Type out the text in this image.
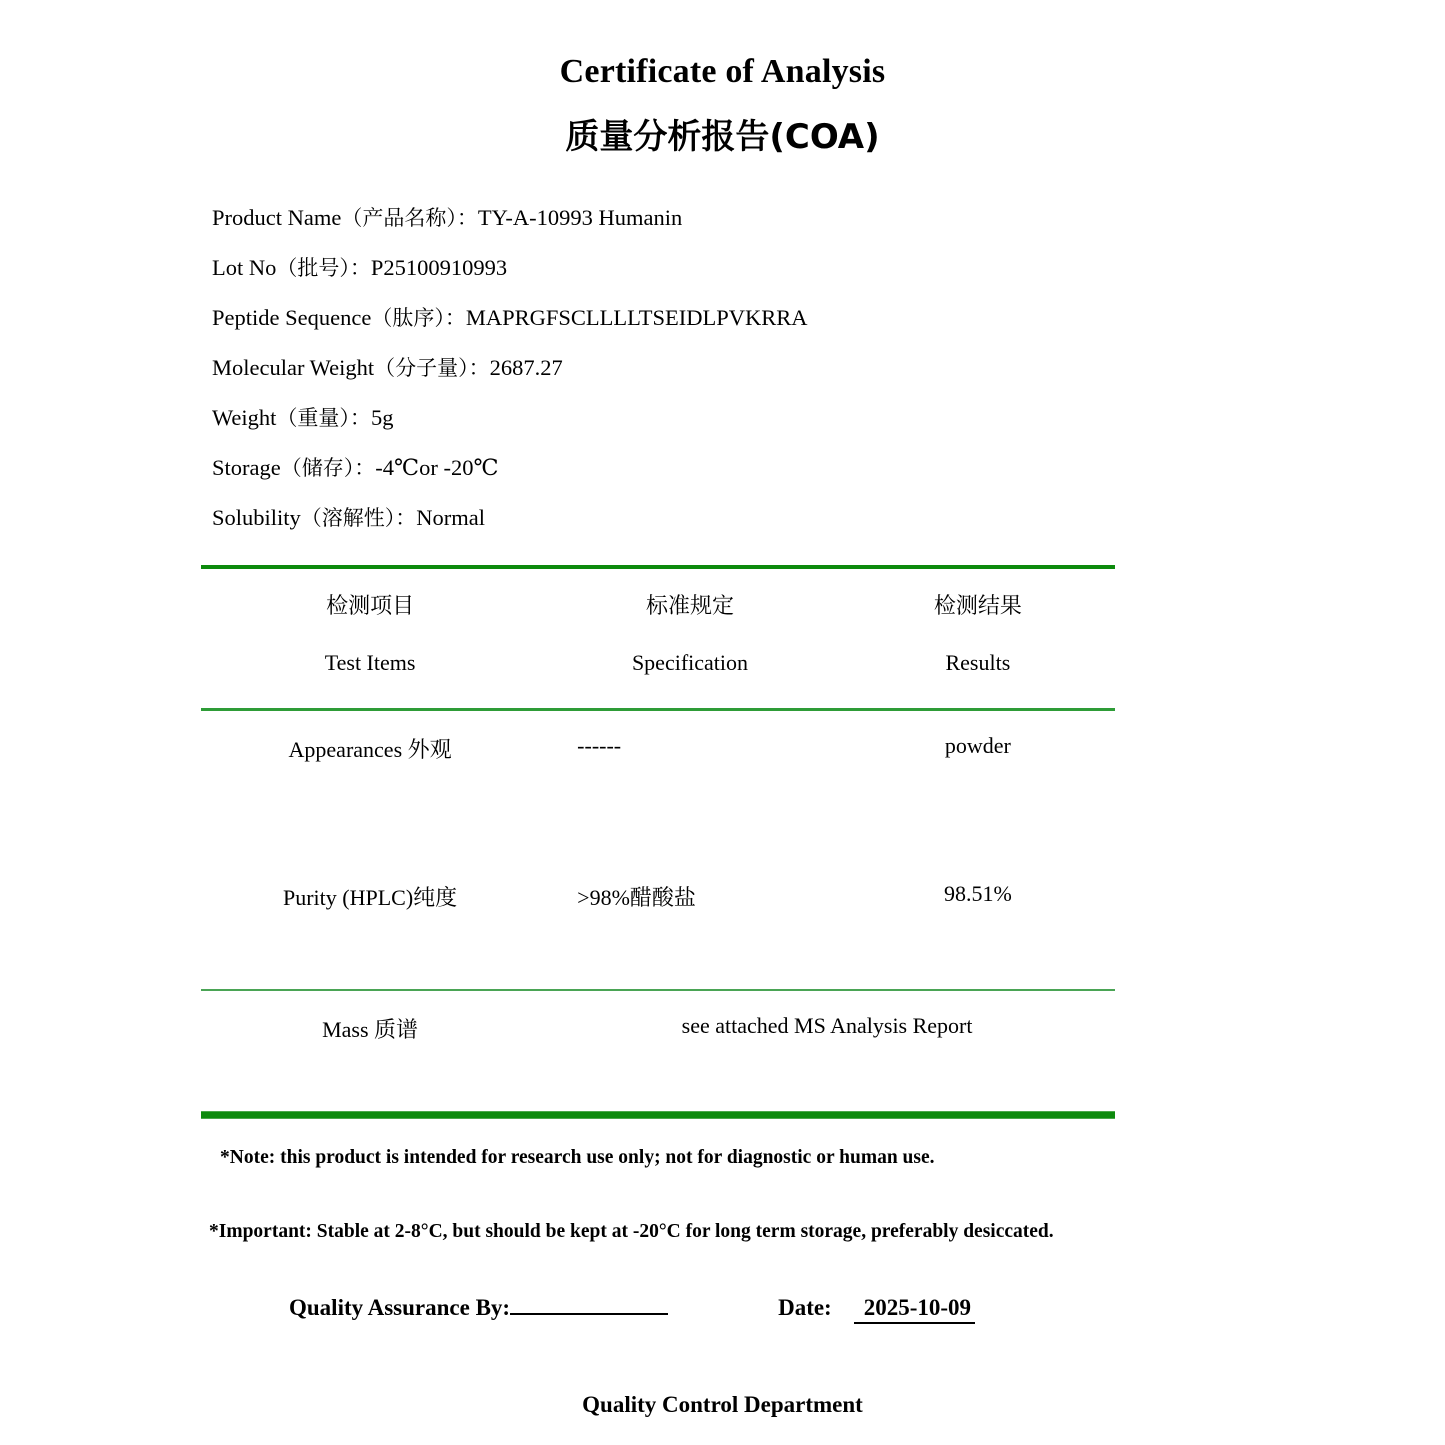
Certificate of Analysis
质量分析报告(COA)
Product Name（产品名称）：TY-A-10993 Humanin
Lot No（批号）：P25100910993
Peptide Sequence（肽序）：MAPRGFSCLLLLTSEIDLPVKRRA
Molecular Weight（分子量）：2687.27
Weight（重量）：5g
Storage（储存）：-4℃or -20℃
Solubility（溶解性）：Normal
检测项目	标准规定	检测结果
Test Items	Specification	Results
Appearances 外观	------	powder
Purity (HPLC)纯度	>98%醋酸盐	98.51%
Mass 质谱	see attached MS Analysis Report
*Note: this product is intended for research use only; not for diagnostic or human use.
*Important: Stable at 2-8°C, but should be kept at -20°C for long term storage, preferably desiccated.
Quality Assurance By:	Date:	2025-10-09
Quality Control Department
